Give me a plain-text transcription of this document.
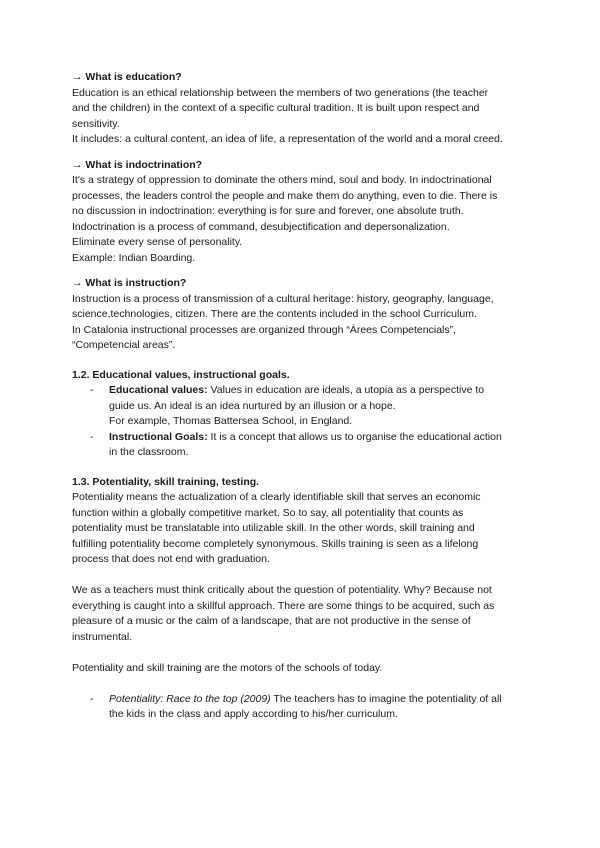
→ What is education?
Education is an ethical relationship between the members of two generations (the teacher
and the children) in the context of a specific cultural tradition. It is built upon respect and
sensitivity.
It includes: a cultural content, an idea of life, a representation of the world and a moral creed.
→ What is indoctrination?
It's a strategy of oppression to dominate the others mind, soul and body. In indoctrinational
processes, the leaders control the people and make them do anything, even to die. There is
no discussion in indoctrination: everything is for sure and forever, one absolute truth.
Indoctrination is a process of command, desubjectification and depersonalization.
Eliminate every sense of personality.
Example: Indian Boarding.
→ What is instruction?
Instruction is a process of transmission of a cultural heritage: history, geography, language,
science,technologies, citizen. There are the contents included in the school Curriculum.
In Catalonia instructional processes are organized through “Àrees Competencials”,
“Competencial areas”.
1.2. Educational values, instructional goals.
- Educational values: Values in education are ideals, a utopia as a perspective to
guide us. An ideal is an idea nurtured by an illusion or a hope.
For example, Thomas Battersea School, in England.
- Instructional Goals: It is a concept that allows us to organise the educational action
in the classroom.
1.3. Potentiality, skill training, testing.
Potentiality means the actualization of a clearly identifiable skill that serves an economic
function within a globally competitive market. So to say, all potentiality that counts as
potentiality must be translatable into utilizable skill. In the other words, skill training and
fulfilling potentiality become completely synonymous. Skills training is seen as a lifelong
process that does not end with graduation.

We as a teachers must think critically about the question of potentiality. Why? Because not
everything is caught into a skillful approach. There are some things to be acquired, such as
pleasure of a music or the calm of a landscape, that are not productive in the sense of
instrumental.

Potentiality and skill training are the motors of the schools of today.

- Potentiality: Race to the top (2009) The teachers has to imagine the potentiality of all
the kids in the class and apply according to his/her curriculum.
